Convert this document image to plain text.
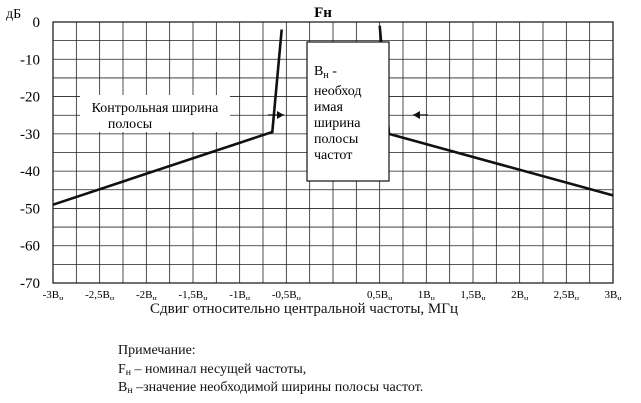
0
-10
-20
-30
-40
-50
-60
-70
$-3B_н$ $-2,5B_н$ $-2B_н$ $-1,5B_н$ $-1B_н$ $-0,5B_н$	$0,5B_н$ $1B_н$ $1,5B_н$ $2B_н$ $2,5B_н$ $3B_н$
Fн
дБ
Контрольная ширина
полосы
$B_н$ -
необход
имая
ширина
полосы
частот
Сдвиг относительно центральной частоты, МГц
Примечание:
$F_н$ – номинал несущей частоты,
$B_н$ –значение необходимой ширины полосы частот.
